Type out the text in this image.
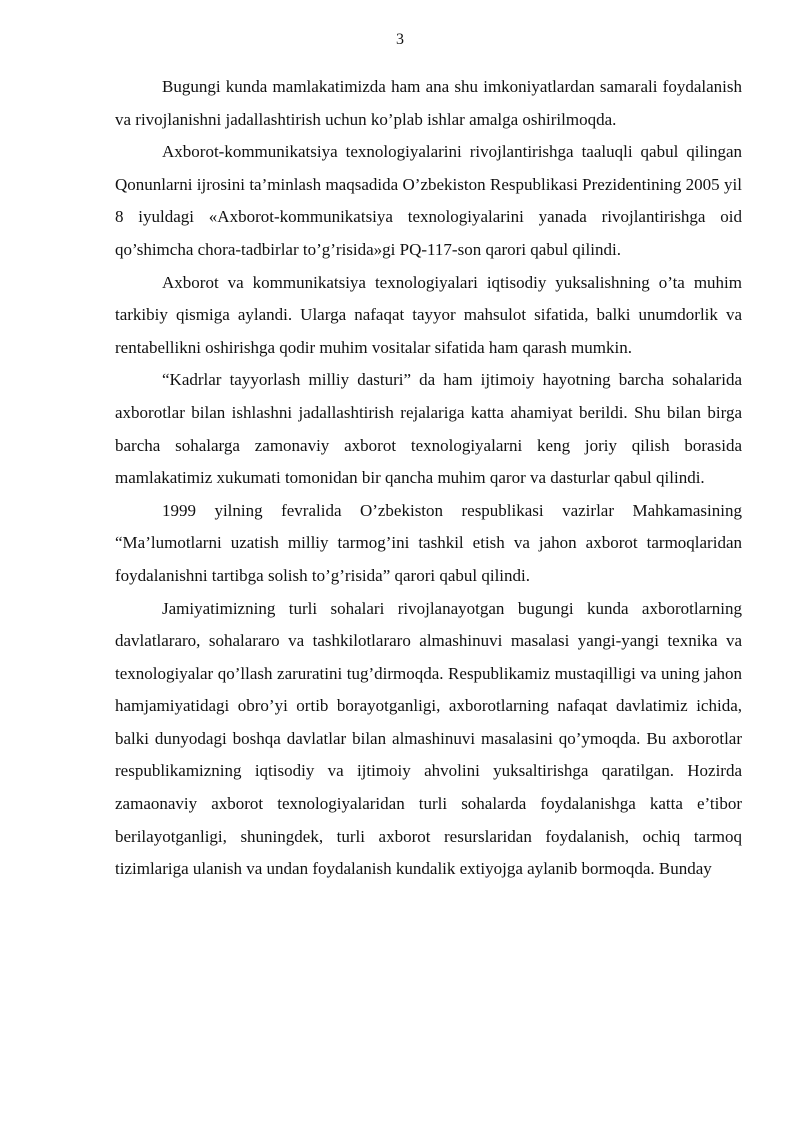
3

Bugungi kunda mamlakatimizda ham ana shu imkoniyatlardan samarali foydalanish va rivojlanishni jadallashtirish uchun ko’plab ishlar amalga oshirilmoqda.

Axborot-kommunikatsiya texnologiyalarini rivojlantirishga taaluqli qabul qilingan Qonunlarni ijrosini ta’minlash maqsadida O’zbekiston Respublikasi Prezidentining 2005 yil 8 iyuldagi «Axborot-kommunikatsiya texnologiyalarini yanada rivojlantirishga oid qo’shimcha chora-tadbirlar to’g’risida»gi PQ-117-son qarori qabul qilindi.

Axborot va kommunikatsiya texnologiyalari iqtisodiy yuksalishning o’ta muhim tarkibiy qismiga aylandi. Ularga nafaqat tayyor mahsulot sifatida, balki unumdorlik va rentabellikni oshirishga qodir muhim vositalar sifatida ham qarash mumkin.

“Kadrlar tayyorlash milliy dasturi” da ham ijtimoiy hayotning barcha sohalarida axborotlar bilan ishlashni jadallashtirish rejalariga katta ahamiyat berildi. Shu bilan birga barcha sohalarga zamonaviy axborot texnologiyalarni keng joriy qilish borasida mamlakatimiz xukumati tomonidan bir qancha muhim qaror va dasturlar qabul qilindi.

1999 yilning fevralida O’zbekiston respublikasi vazirlar Mahkamasining “Ma’lumotlarni uzatish milliy tarmog’ini tashkil etish va jahon axborot tarmoqlaridan foydalanishni tartibga solish to’g’risida” qarori qabul qilindi.

Jamiyatimizning turli sohalari rivojlanayotgan bugungi kunda axborotlarning davlatlararo, sohalararo va tashkilotlararo almashinuvi masalasi yangi-yangi texnika va texnologiyalar qo’llash zaruratini tug’dirmoqda. Respublikamiz mustaqilligi va uning jahon hamjamiyatidagi obro’yi ortib borayotganligi, axborotlarning nafaqat davlatimiz ichida, balki dunyodagi boshqa davlatlar bilan almashinuvi masalasini qo’ymoqda. Bu axborotlar respublikamizning iqtisodiy va ijtimoiy ahvolini yuksaltirishga qaratilgan. Hozirda zamaonaviy axborot texnologiyalaridan turli sohalarda foydalanishga katta e’tibor berilayotganligi, shuningdek, turli axborot resurslaridan foydalanish, ochiq tarmoq tizimlariga ulanish va undan foydalanish kundalik extiyojga aylanib bormoqda. Bunday
